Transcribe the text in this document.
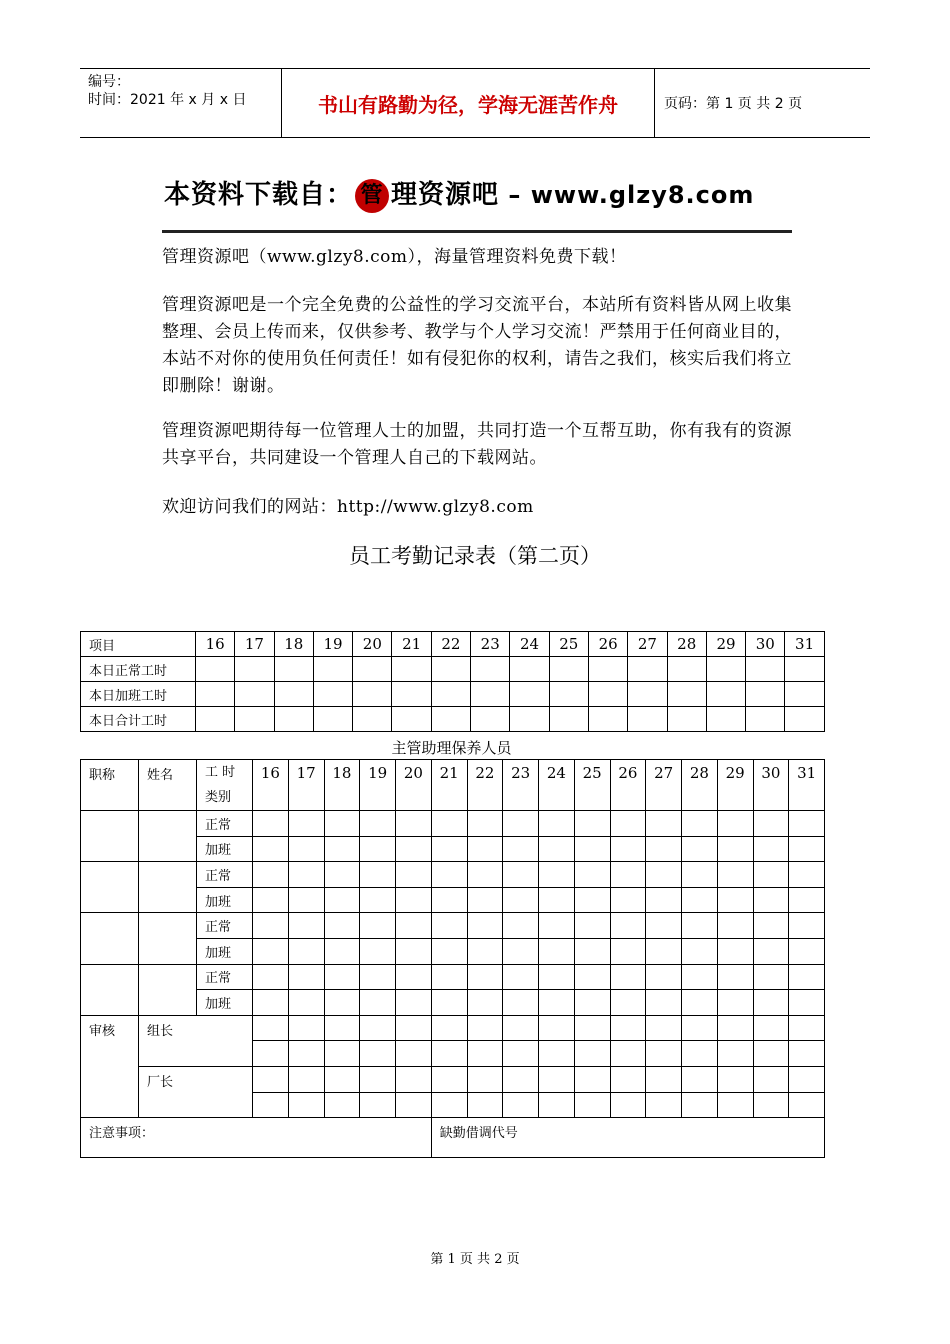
编号：
时间：2021 年 x 月 x 日	书山有路勤为径，学海无涯苦作舟	页码：第 1 页 共 2 页
本资料下载自： 管 理资源吧 – www.glzy8.com
管理资源吧（www.glzy8.com），海量管理资料免费下载！
管理资源吧是一个完全免费的公益性的学习交流平台，本站所有资料皆从网上收集整理、会员上传而来，仅供参考、教学与个人学习交流！严禁用于任何商业目的，本站不对你的使用负任何责任！如有侵犯你的权利，请告之我们，核实后我们将立即删除！谢谢。
管理资源吧期待每一位管理人士的加盟，共同打造一个互帮互助，你有我有的资源共享平台，共同建设一个管理人自己的下载网站。
欢迎访问我们的网站：http://www.glzy8.com
员工考勤记录表（第二页）
项目	16	17	18	19	20	21	22	23	24	25	26	27	28	29	30	31
本日正常工时																
本日加班工时																
本日合计工时																
主管助理保养人员
职称	姓名	工 时类别	16	17	18	19	20	21	22	23	24	25	26	27	28	29	30	31

		正常																
		加班																
		正常																
		加班																
		正常																
		加班																
		正常																
		加班																
审核	组长																	

	厂长																	

注意事项：								缺勤借调代号										
第 1 页 共 2 页
